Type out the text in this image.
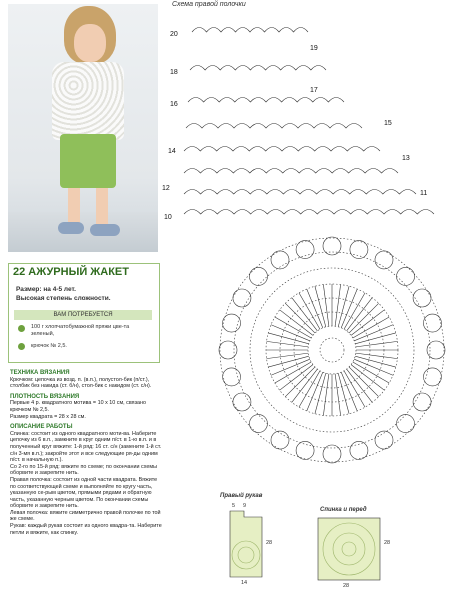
Схема правой полочки
20
19
18
17
16
15
14
13
12
11
10
22 АЖУРНЫЙ ЖАКЕТ
Размер: на 4-5 лет.
Высокая степень сложности.
ВАМ ПОТРЕБУЕТСЯ
100 г хлопчатобумажной пряжи цве-та зеленый,
крючок № 2,5.
ТЕХНИКА ВЯЗАНИЯ

Крючком: цепочка из возд. п. (в.п.), полустол-бик (п/ст.), столбик без накида (ст. б/н), стол-бик с накидом (ст. с/н).

ПЛОТНОСТЬ ВЯЗАНИЯ

Первые 4 р. квадратного мотива = 10 х 10 см, связано крючком № 2,5.

Размер квадрата = 28 х 28 см.

ОПИСАНИЕ РАБОТЫ

Спинка: состоит из одного квадратного моти-ва. Наберите цепочку из 6 в.п., замкните в круг одним п/ст. в 1-ю в.п. и в полученный круг вяжите: 1-й ряд: 16 ст. с/н (замените 1-й ст. с/н 3-мя в.п.); закройте этот и все следующие ря-ды одним п/ст. в начальную п.).

Со 2-го по 15-й ряд: вяжите по схеме; по окончании схемы оборвите и закрепите нить.

Правая полочка: состоит из одной части квадрата. Вяжите по соответствующей схеме и выполняйте по кругу часть, указанную се-рым цветом, прямыми рядами и обратную часть, указанную черным цветом. По окончании схемы оборвите и закрепите нить.

Левая полочка: вяжите симметрично правой полочке по той же схеме.

Рукав: каждый рукав состоит из одного квадра-та. Наберите петли и вяжите, как спинку.

Правый рукав
Спинка и перед
5 9
28
14
28
28
